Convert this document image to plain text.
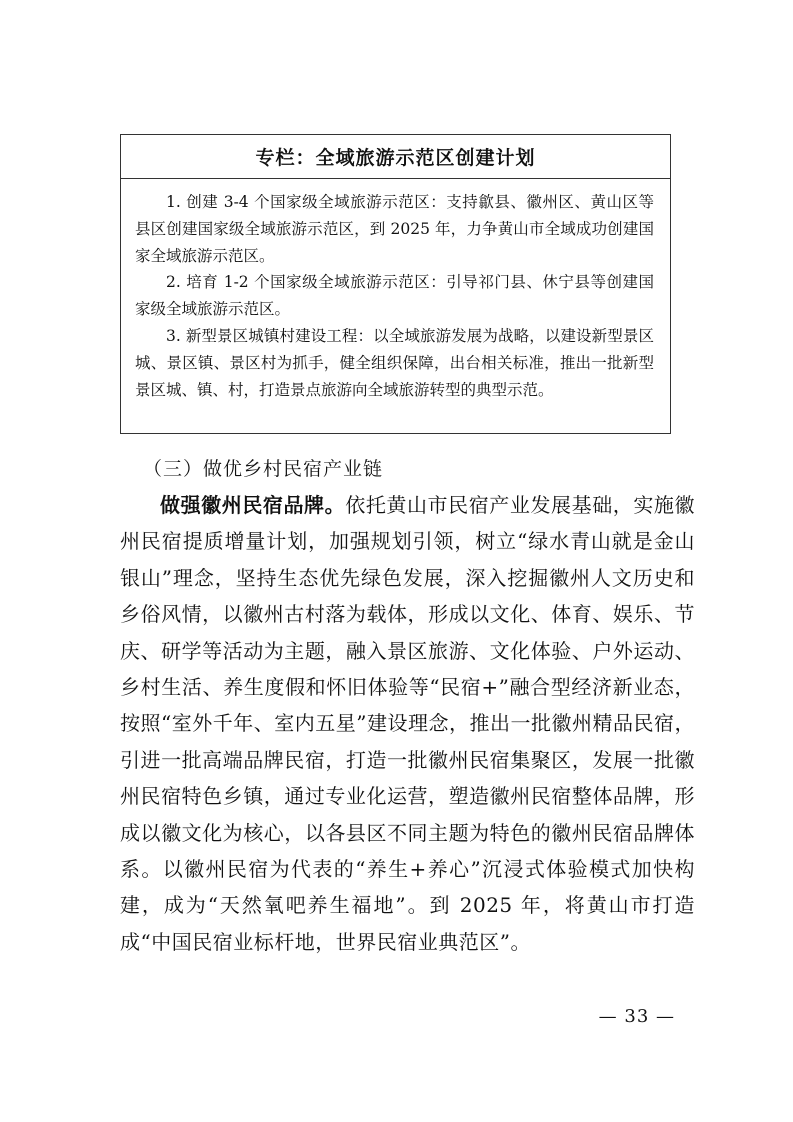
专栏：全域旅游示范区创建计划

1. 创建 3-4 个国家级全域旅游示范区：支持歙县、徽州区、黄山区等县区创建国家级全域旅游示范区，到 2025 年，力争黄山市全域成功创建国家全域旅游示范区。

2. 培育 1-2 个国家级全域旅游示范区：引导祁门县、休宁县等创建国家级全域旅游示范区。

3. 新型景区城镇村建设工程：以全域旅游发展为战略，以建设新型景区城、景区镇、景区村为抓手，健全组织保障，出台相关标准，推出一批新型景区城、镇、村，打造景点旅游向全域旅游转型的典型示范。

（三）做优乡村民宿产业链

做强徽州民宿品牌。依托黄山市民宿产业发展基础，实施徽州民宿提质增量计划，加强规划引领，树立“绿水青山就是金山银山”理念，坚持生态优先绿色发展，深入挖掘徽州人文历史和乡俗风情，以徽州古村落为载体，形成以文化、体育、娱乐、节庆、研学等活动为主题，融入景区旅游、文化体验、户外运动、乡村生活、养生度假和怀旧体验等“民宿+”融合型经济新业态，按照“室外千年、室内五星”建设理念，推出一批徽州精品民宿，引进一批高端品牌民宿，打造一批徽州民宿集聚区，发展一批徽州民宿特色乡镇，通过专业化运营，塑造徽州民宿整体品牌，形成以徽文化为核心，以各县区不同主题为特色的徽州民宿品牌体系。以徽州民宿为代表的“养生+养心”沉浸式体验模式加快构建，成为“天然氧吧养生福地”。到 2025 年，将黄山市打造成“中国民宿业标杆地，世界民宿业典范区”。

— 33 —
